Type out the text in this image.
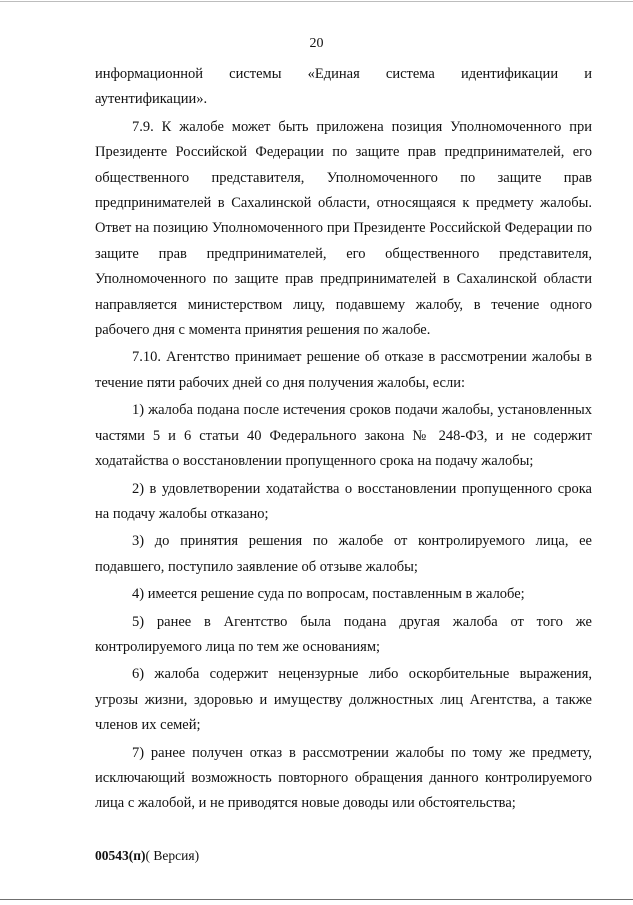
20

информационной системы «Единая система идентификации и аутентификации».

7.9. К жалобе может быть приложена позиция Уполномоченного при Президенте Российской Федерации по защите прав предпринимателей, его общественного представителя, Уполномоченного по защите прав предпринимателей в Сахалинской области, относящаяся к предмету жалобы. Ответ на позицию Уполномоченного при Президенте Российской Федерации по защите прав предпринимателей, его общественного представителя, Уполномоченного по защите прав предпринимателей в Сахалинской области направляется министерством лицу, подавшему жалобу, в течение одного рабочего дня с момента принятия решения по жалобе.

7.10. Агентство принимает решение об отказе в рассмотрении жалобы в течение пяти рабочих дней со дня получения жалобы, если:

1) жалоба подана после истечения сроков подачи жалобы, установленных частями 5 и 6 статьи 40 Федерального закона № 248-ФЗ, и не содержит ходатайства о восстановлении пропущенного срока на подачу жалобы;

2) в удовлетворении ходатайства о восстановлении пропущенного срока на подачу жалобы отказано;

3) до принятия решения по жалобе от контролируемого лица, ее подавшего, поступило заявление об отзыве жалобы;

4) имеется решение суда по вопросам, поставленным в жалобе;

5) ранее в Агентство была подана другая жалоба от того же контролируемого лица по тем же основаниям;

6) жалоба содержит нецензурные либо оскорбительные выражения, угрозы жизни, здоровью и имуществу должностных лиц Агентства, а также членов их семей;

7) ранее получен отказ в рассмотрении жалобы по тому же предмету, исключающий возможность повторного обращения данного контролируемого лица с жалобой, и не приводятся новые доводы или обстоятельства;

00543(п)( Версия)
